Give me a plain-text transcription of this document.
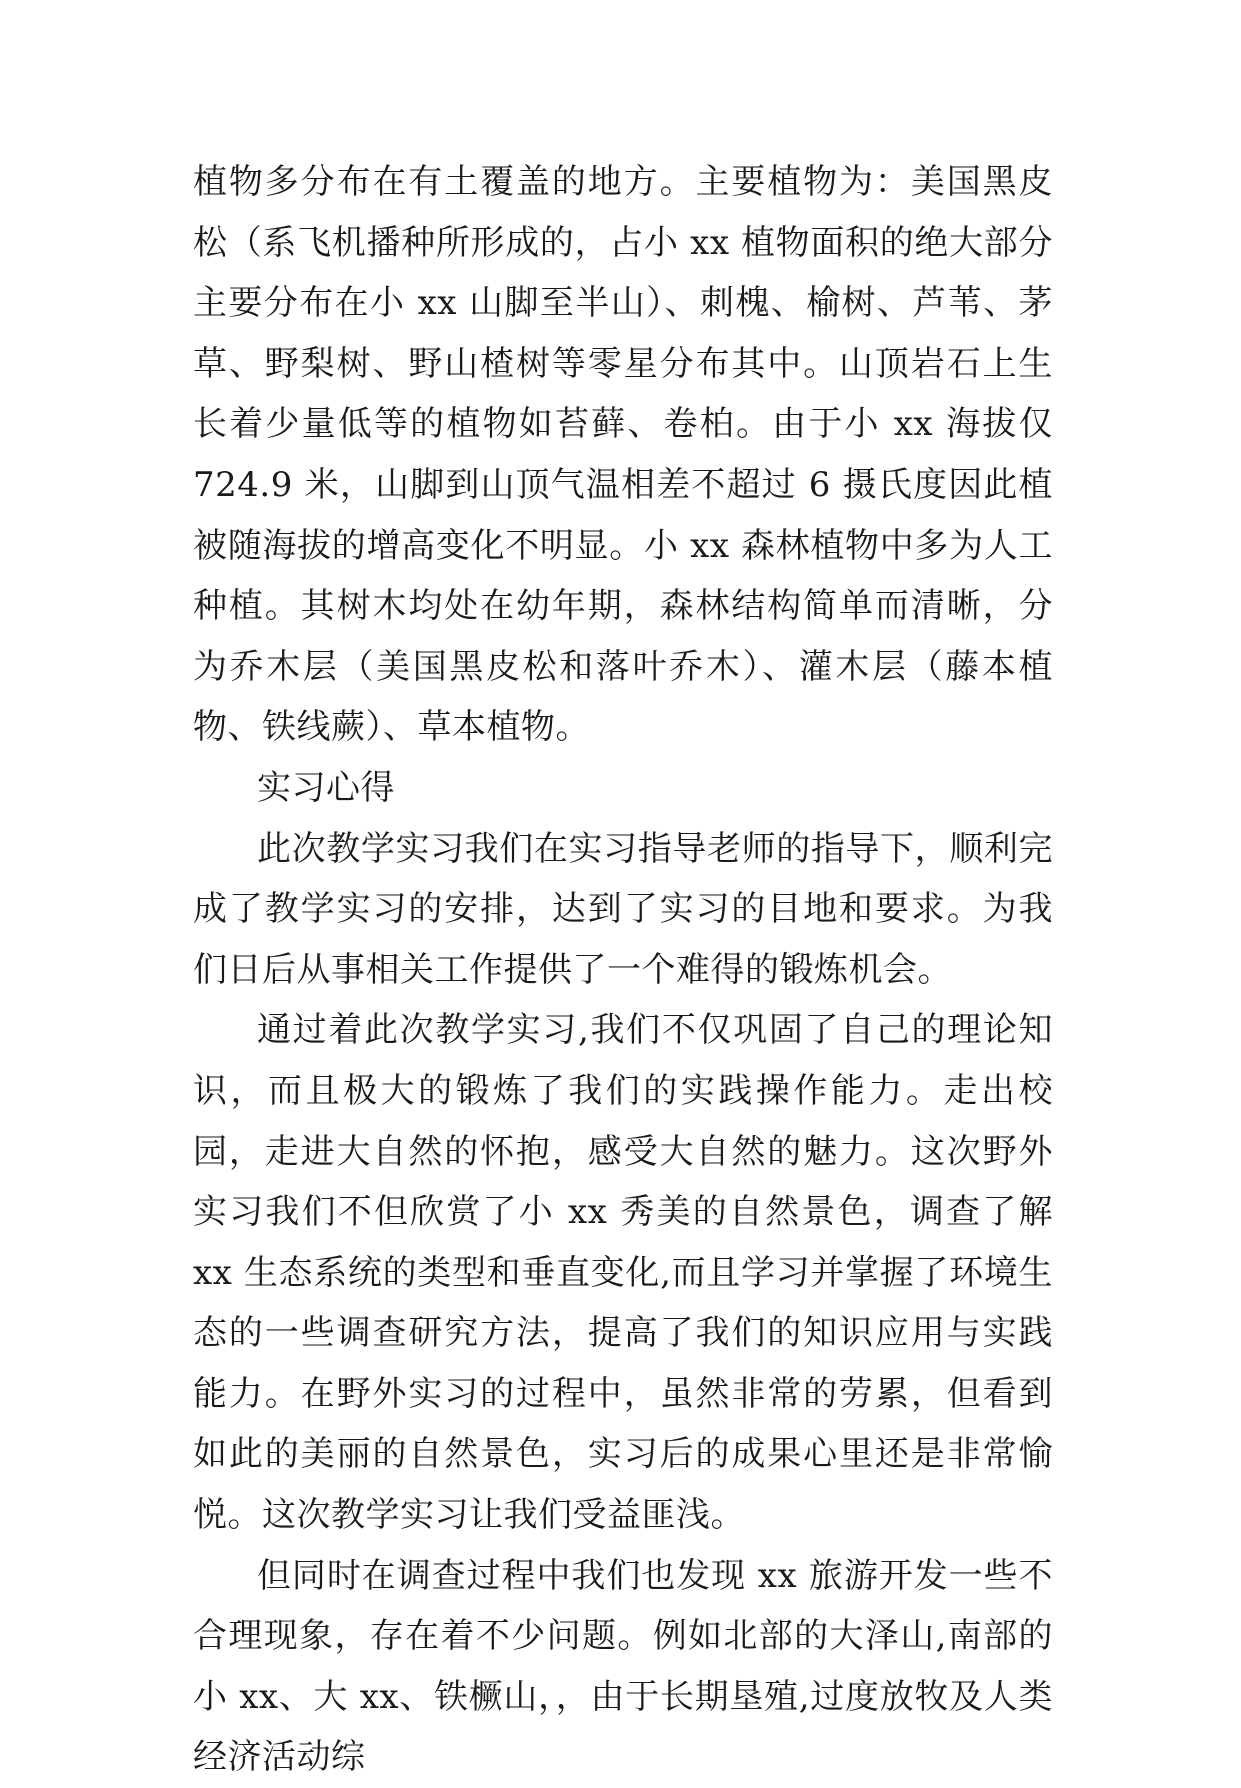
植物多分布在有土覆盖的地方。主要植物为：美国黑皮松（系飞机播种所形成的，占小 xx 植物面积的绝大部分主要分布在小 xx 山脚至半山）、刺槐、榆树、芦苇、茅草、野梨树、野山楂树等零星分布其中。山顶岩石上生长着少量低等的植物如苔藓、卷柏。由于小 xx 海拔仅 724.9 米，山脚到山顶气温相差不超过 6 摄氏度因此植被随海拔的增高变化不明显。小 xx 森林植物中多为人工种植。其树木均处在幼年期，森林结构简单而清晰，分为乔木层（美国黑皮松和落叶乔木）、灌木层（藤本植物、铁线蕨）、草本植物。

实习心得

此次教学实习我们在实习指导老师的指导下，顺利完成了教学实习的安排，达到了实习的目地和要求。为我们日后从事相关工作提供了一个难得的锻炼机会。

通过着此次教学实习,我们不仅巩固了自己的理论知识，而且极大的锻炼了我们的实践操作能力。走出校园，走进大自然的怀抱，感受大自然的魅力。这次野外实习我们不但欣赏了小 xx 秀美的自然景色，调查了解 xx 生态系统的类型和垂直变化,而且学习并掌握了环境生态的一些调查研究方法，提高了我们的知识应用与实践能力。在野外实习的过程中，虽然非常的劳累，但看到如此的美丽的自然景色，实习后的成果心里还是非常愉悦。这次教学实习让我们受益匪浅。

但同时在调查过程中我们也发现 xx 旅游开发一些不合理现象，存在着不少问题。例如北部的大泽山,南部的小 xx、大 xx、铁橛山，，由于长期垦殖,过度放牧及人类经济活动综
